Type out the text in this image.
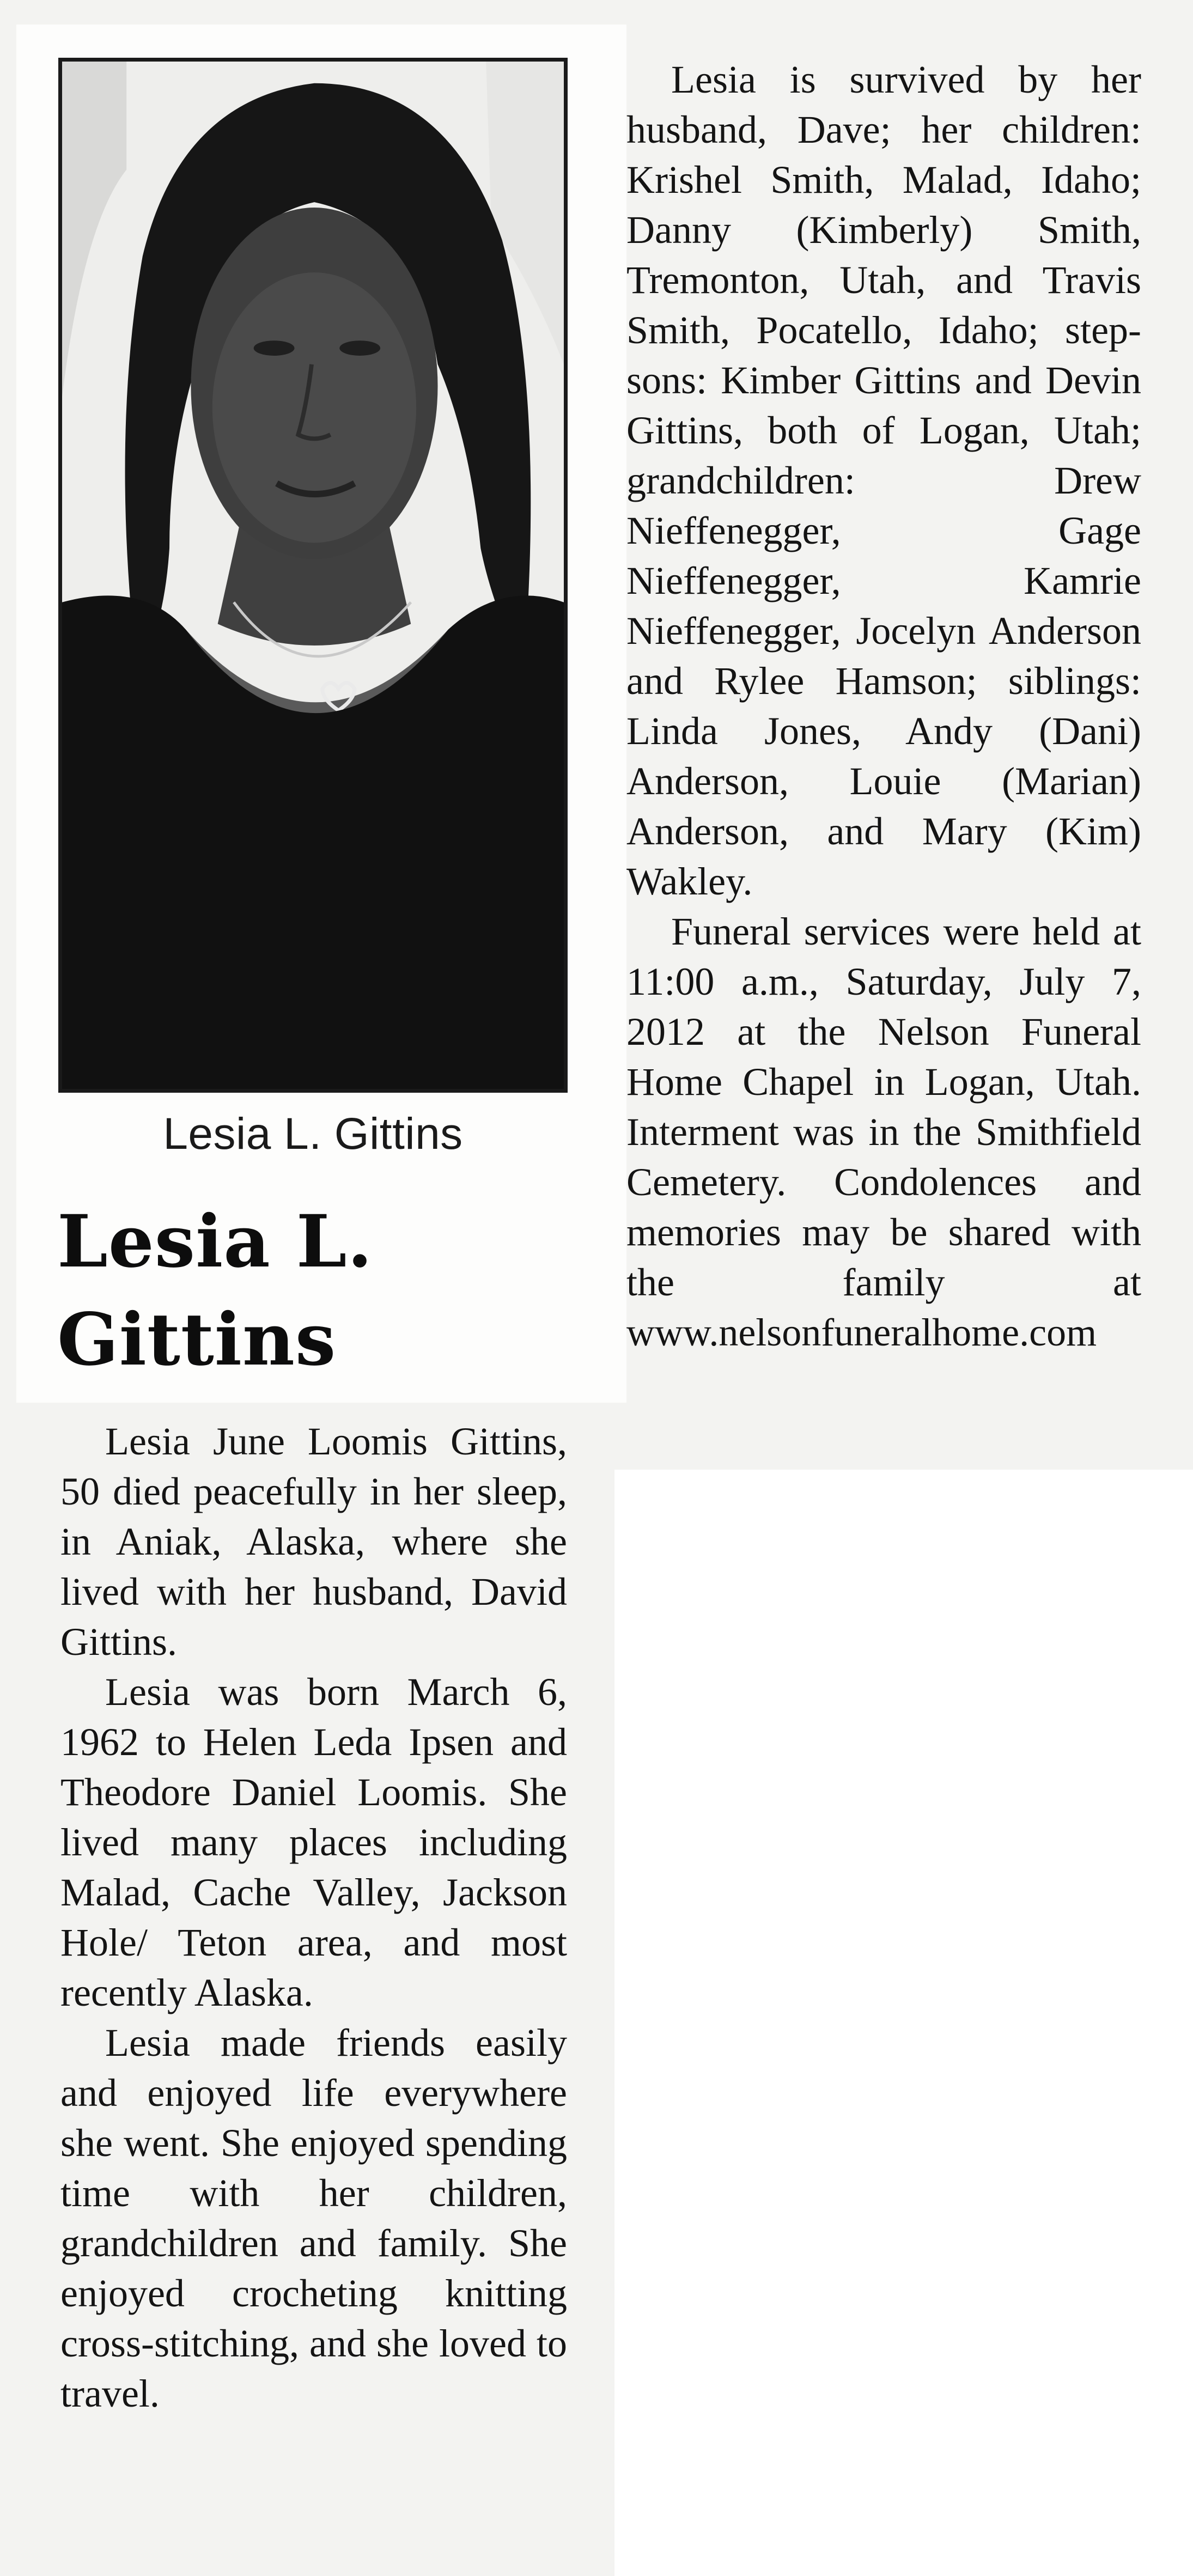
Lesia L. Gittins
Lesia L.
Gittins

Lesia June Loomis Gittins, 50 died peacefully in her sleep, in Aniak, Alaska, where she lived with her husband, David Gittins.

Lesia was born March 6, 1962 to Helen Leda Ipsen and Theodore Daniel Loomis. She lived many places including Malad, Cache Valley, Jackson Hole/ Teton area, and most recently Alaska.

Lesia made friends easily and enjoyed life everywhere she went. She enjoyed spending time with her children, grandchildren and family. She enjoyed crocheting knitting cross-stitching, and she loved to travel.

Lesia is survived by her husband, Dave; her children: Krishel Smith, Malad, Idaho; Danny (Kimberly) Smith, Tremonton, Utah, and Travis Smith, Pocatello, Idaho; step-sons: Kimber Gittins and Devin Gittins, both of Logan, Utah; grandchildren: Drew Nieffenegger, Gage Nieffenegger, Kamrie Nieffenegger, Jocelyn Anderson and Rylee Hamson; siblings: Linda Jones, Andy (Dani) Anderson, Louie (Marian) Anderson, and Mary (Kim) Wakley.

Funeral services were held at 11:00 a.m., Saturday, July 7, 2012 at the Nelson Funeral Home Chapel in Logan, Utah. Interment was in the Smithfield Cemetery. Condolences and memories may be shared with the family at www.nelsonfuneralhome.com
